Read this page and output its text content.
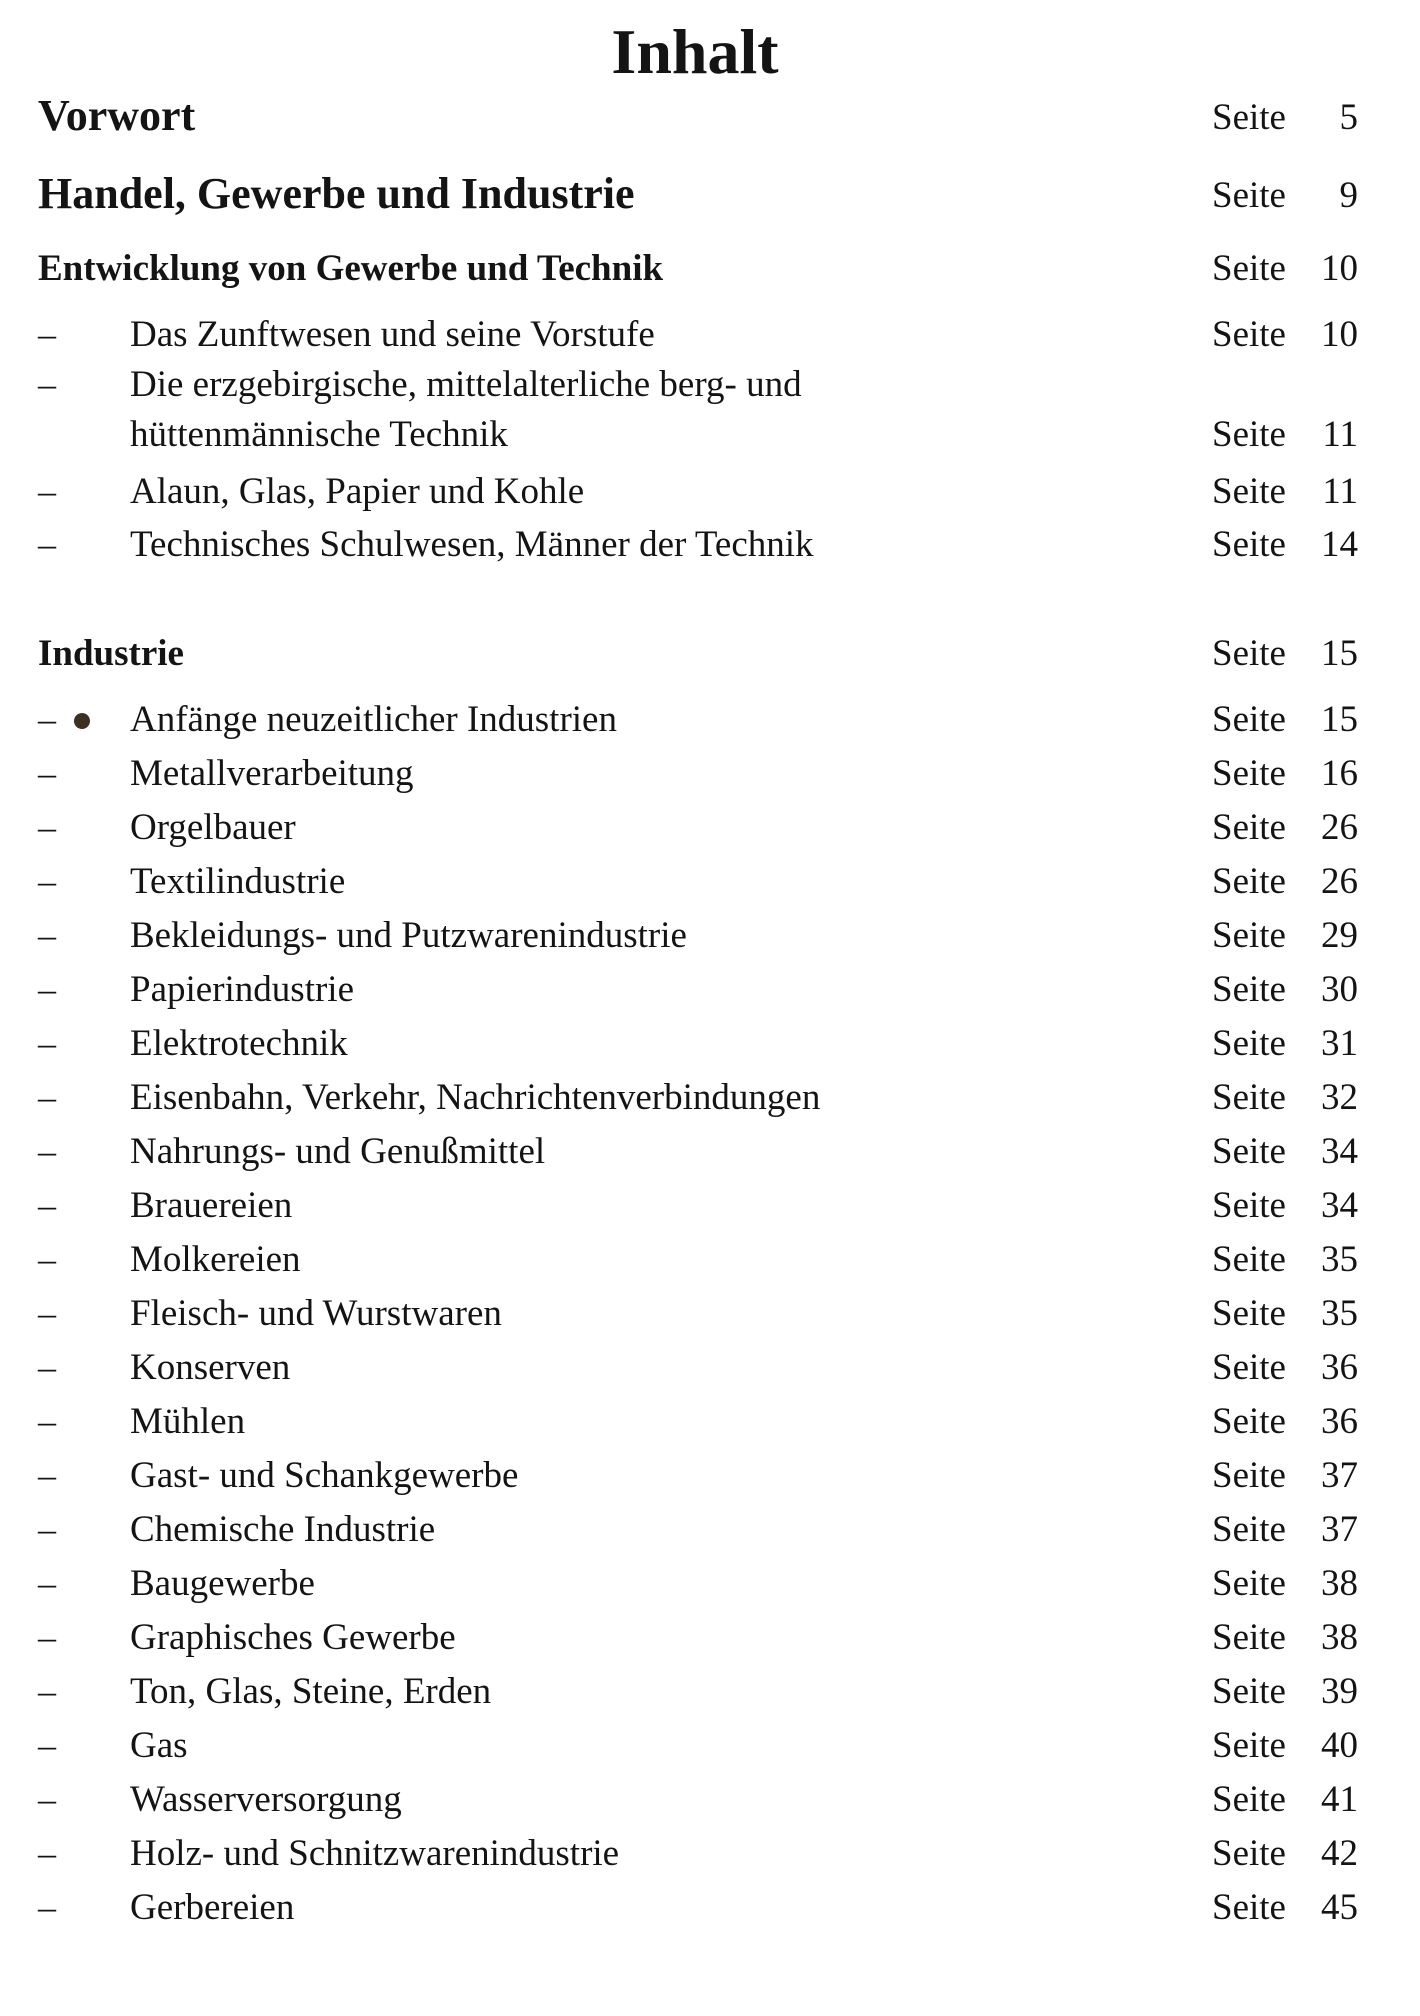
Inhalt
Vorwort	Seite 5
Handel, Gewerbe und Industrie	Seite 9
Entwicklung von Gewerbe und Technik	Seite 10
– Das Zunftwesen und seine Vorstufe	Seite 10
– Die erzgebirgische, mittelalterliche berg- und
hüttenmännische Technik	Seite 11
– Alaun, Glas, Papier und Kohle	Seite 11
– Technisches Schulwesen, Männer der Technik	Seite 14
Industrie	Seite 15
– Anfänge neuzeitlicher Industrien	Seite 15
– Metallverarbeitung	Seite 16
– Orgelbauer	Seite 26
– Textilindustrie	Seite 26
– Bekleidungs- und Putzwarenindustrie	Seite 29
– Papierindustrie	Seite 30
– Elektrotechnik	Seite 31
– Eisenbahn, Verkehr, Nachrichtenverbindungen	Seite 32
– Nahrungs- und Genußmittel	Seite 34
– Brauereien	Seite 34
– Molkereien	Seite 35
– Fleisch- und Wurstwaren	Seite 35
– Konserven	Seite 36
– Mühlen	Seite 36
– Gast- und Schankgewerbe	Seite 37
– Chemische Industrie	Seite 37
– Baugewerbe	Seite 38
– Graphisches Gewerbe	Seite 38
– Ton, Glas, Steine, Erden	Seite 39
– Gas	Seite 40
– Wasserversorgung	Seite 41
– Holz- und Schnitzwarenindustrie	Seite 42
– Gerbereien	Seite 45
